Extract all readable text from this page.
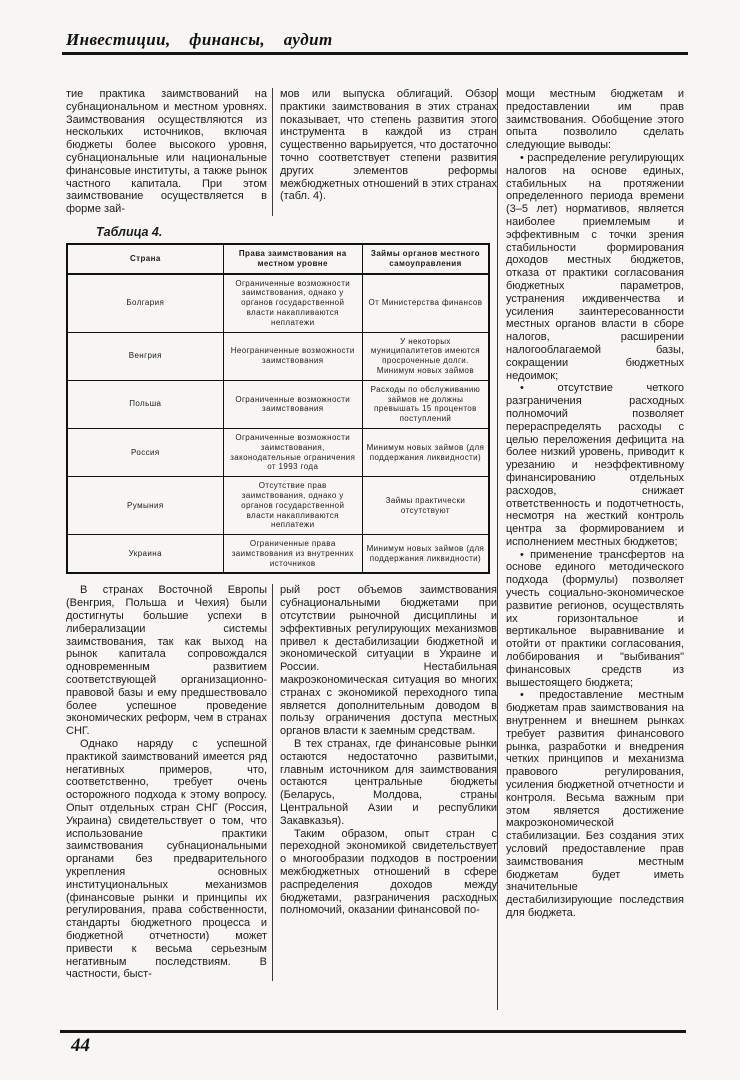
Инвестиции, финансы, аудит

тие практика заимствований на субнациональном и местном уровнях. Заимствования осуществляются из нескольких источников, включая бюджеты более высокого уровня, субнациональные или национальные финансовые институты, а также рынок частного капитала. При этом заимствование осуществляется в форме зай-

мов или выпуска облигаций. Обзор практики заимствования в этих странах показывает, что степень развития этого инструмента в каждой из стран существенно варьируется, что достаточно точно соответствует степени развития других элементов реформы межбюджетных отношений в этих странах (табл. 4).

Таблица 4.
Страна	Права заимствования на местном уровне	Займы органов местного самоуправления
Болгария	Ограниченные возможности заимствования, однако у органов государственной власти накапливаются неплатежи	От Министерства финансов
Венгрия	Неограниченные возможности заимствования	У некоторых муниципалитетов имеются просроченные долги. Минимум новых займов
Польша	Ограниченные возможности заимствования	Расходы по обслуживанию займов не должны превышать 15 процентов поступлений
Россия	Ограниченные возможности заимствования, законодательные ограничения от 1993 года	Минимум новых займов (для поддержания ликвидности)
Румыния	Отсутствие прав заимствования, однако у органов государственной власти накапливаются неплатежи	Займы практически отсутствуют
Украина	Ограниченные права заимствования из внутренних источников	Минимум новых займов (для поддержания ликвидности)

В странах Восточной Европы (Венгрия, Польша и Чехия) были достигнуты большие успехи в либерализации системы заимствования, так как выход на рынок капитала сопровождался одновременным развитием соответствующей организационно-правовой базы и ему предшествовало более успешное проведение экономических реформ, чем в странах СНГ.

Однако наряду с успешной практикой заимствований имеется ряд негативных примеров, что, соответственно, требует очень осторожного подхода к этому вопросу. Опыт отдельных стран СНГ (Россия, Украина) свидетельствует о том, что использование практики заимствования субнациональными органами без предварительного укрепления основных институциональных механизмов (финансовые рынки и принципы их регулирования, права собственности, стандарты бюджетного процесса и бюджетной отчетности) может привести к весьма серьезным негативным последствиям. В частности, быст-

рый рост объемов заимствования субнациональными бюджетами при отсутствии рыночной дисциплины и эффективных регулирующих механизмов привел к дестабилизации бюджетной и экономической ситуации в Украине и России. Нестабильная макроэкономическая ситуация во многих странах с экономикой переходного типа является дополнительным доводом в пользу ограничения доступа местных органов власти к заемным средствам.

В тех странах, где финансовые рынки остаются недостаточно развитыми, главным источником для заимствования остаются центральные бюджеты (Беларусь, Молдова, страны Центральной Азии и республики Закавказья).

Таким образом, опыт стран с переходной экономикой свидетельствует о многообразии подходов в построении межбюджетных отношений в сфере распределения доходов между бюджетами, разграничения расходных полномочий, оказании финансовой по-

мощи местным бюджетам и предоставлении им прав заимствования. Обобщение этого опыта позволило сделать следующие выводы:

• распределение регулирующих налогов на основе единых, стабильных на протяжении определенного периода времени (3–5 лет) нормативов, является наиболее приемлемым и эффективным с точки зрения стабильности формирования доходов местных бюджетов, отказа от практики согласования бюджетных параметров, устранения иждивенчества и усиления заинтересованности местных органов власти в сборе налогов, расширении налогооблагаемой базы, сокращении бюджетных недоимок;

• отсутствие четкого разграничения расходных полномочий позволяет перераспределять расходы с целью переложения дефицита на более низкий уровень, приводит к урезанию и неэффективному финансированию отдельных расходов, снижает ответственность и подотчетность, несмотря на жесткий контроль центра за формированием и исполнением местных бюджетов;

• применение трансфертов на основе единого методического подхода (формулы) позволяет учесть социально-экономическое развитие регионов, осуществлять их горизонтальное и вертикальное выравнивание и отойти от практики согласования, лоббирования и "выбивания" финансовых средств из вышестоящего бюджета;

• предоставление местным бюджетам прав заимствования на внутреннем и внешнем рынках требует развития финансового рынка, разработки и внедрения четких принципов и механизма правового регулирования, усиления бюджетной отчетности и контроля. Весьма важным при этом является достижение макроэкономической стабилизации. Без создания этих условий предоставление прав заимствования местным бюджетам будет иметь значительные дестабилизирующие последствия для бюджета.

44
